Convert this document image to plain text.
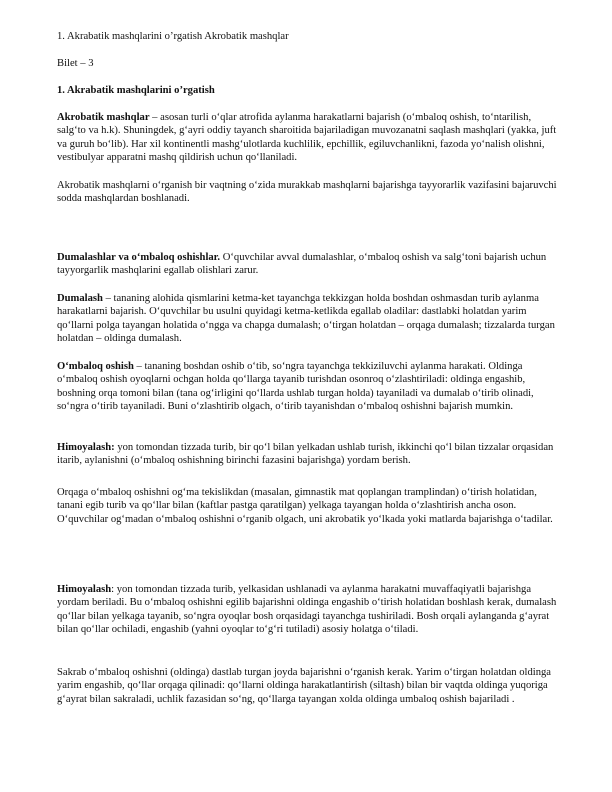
1. Akrabatik mashqlarini o’rgatish Akrobatik mashqlar

Bilet – 3

1. Akrabatik mashqlarini o’rgatish

Akrobatik mashqlar – asosan turli o‘qlar atrofida aylanma harakatlarni bajarish (o‘mbaloq oshish, to‘ntarilish, salg‘to va h.k). Shuningdek, g‘ayri oddiy tayanch sharoitida bajariladigan muvozanatni saqlash mashqlari (yakka, juft va guruh bo‘lib). Har xil kontinentli mashg‘ulotlarda kuchlilik, epchillik, egiluvchanlikni, fazoda yo‘nalish olishni, vestibulyar apparatni mashq qildirish uchun qo‘llaniladi.

Akrobatik mashqlarni o‘rganish bir vaqtning o‘zida murakkab mashqlarni bajarishga tayyorarlik vazifasini bajaruvchi sodda mashqlardan boshlanadi.

Dumalashlar va o‘mbaloq oshishlar. O‘quvchilar avval dumalashlar, o‘mbaloq oshish va salg‘toni bajarish uchun tayyorgarlik mashqlarini egallab olishlari zarur.

Dumalash – tananing alohida qismlarini ketma-ket tayanchga tekkizgan holda boshdan oshmasdan turib aylanma harakatlarni bajarish. O‘quvchilar bu usulni quyidagi ketma-ketlikda egallab oladilar: dastlabki holatdan yarim qo‘llarni polga tayangan holatida o‘ngga va chapga dumalash; o‘tirgan holatdan – orqaga dumalash; tizzalarda turgan holatdan – oldinga dumalash.

O‘mbaloq oshish – tananing boshdan oshib o‘tib, so‘ngra tayanchga tekkiziluvchi aylanma harakati. Oldinga o‘mbaloq oshish oyoqlarni ochgan holda qo‘llarga tayanib turishdan osonroq o‘zlashtiriladi: oldinga engashib, boshning orqa tomoni bilan (tana og‘irligini qo‘llarda ushlab turgan holda) tayaniladi va dumalab o‘tirib olinadi, so‘ngra o‘tirib tayaniladi. Buni o‘zlashtirib olgach, o‘tirib tayanishdan o‘mbaloq oshishni bajarish mumkin.

Himoyalash: yon tomondan tizzada turib, bir qo‘l bilan yelkadan ushlab turish, ikkinchi qo‘l bilan tizzalar orqasidan itarib, aylanishni (o‘mbaloq oshishning birinchi fazasini bajarishga) yordam berish.

Orqaga o‘mbaloq oshishni og‘ma tekislikdan (masalan, gimnastik mat qoplangan tramplindan) o‘tirish holatidan, tanani egib turib va qo‘llar bilan (kaftlar pastga qaratilgan) yelkaga tayangan holda o‘zlashtirish ancha oson. O‘quvchilar og‘madan o‘mbaloq oshishni o‘rganib olgach, uni akrobatik yo‘lkada yoki matlarda bajarishga o‘tadilar.

Himoyalash: yon tomondan tizzada turib, yelkasidan ushlanadi va aylanma harakatni muvaffaqiyatli bajarishga yordam beriladi. Bu o‘mbaloq oshishni egilib bajarishni oldinga engashib o‘tirish holatidan boshlash kerak, dumalash qo‘llar bilan yelkaga tayanib, so‘ngra oyoqlar bosh orqasidagi tayanchga tushiriladi. Bosh orqali aylanganda g‘ayrat bilan qo‘llar ochiladi, engashib (yahni oyoqlar to‘g‘ri tutiladi) asosiy holatga o‘tiladi.

Sakrab o‘mbaloq oshishni (oldinga) dastlab turgan joyda bajarishni o‘rganish kerak. Yarim o‘tirgan holatdan oldinga yarim engashib, qo‘llar orqaga qilinadi: qo‘llarni oldinga harakatlantirish (siltash) bilan bir vaqtda oldinga yuqoriga g‘ayrat bilan sakraladi, uchlik fazasidan so‘ng, qo‘llarga tayangan xolda oldinga umbaloq oshish bajariladi .
